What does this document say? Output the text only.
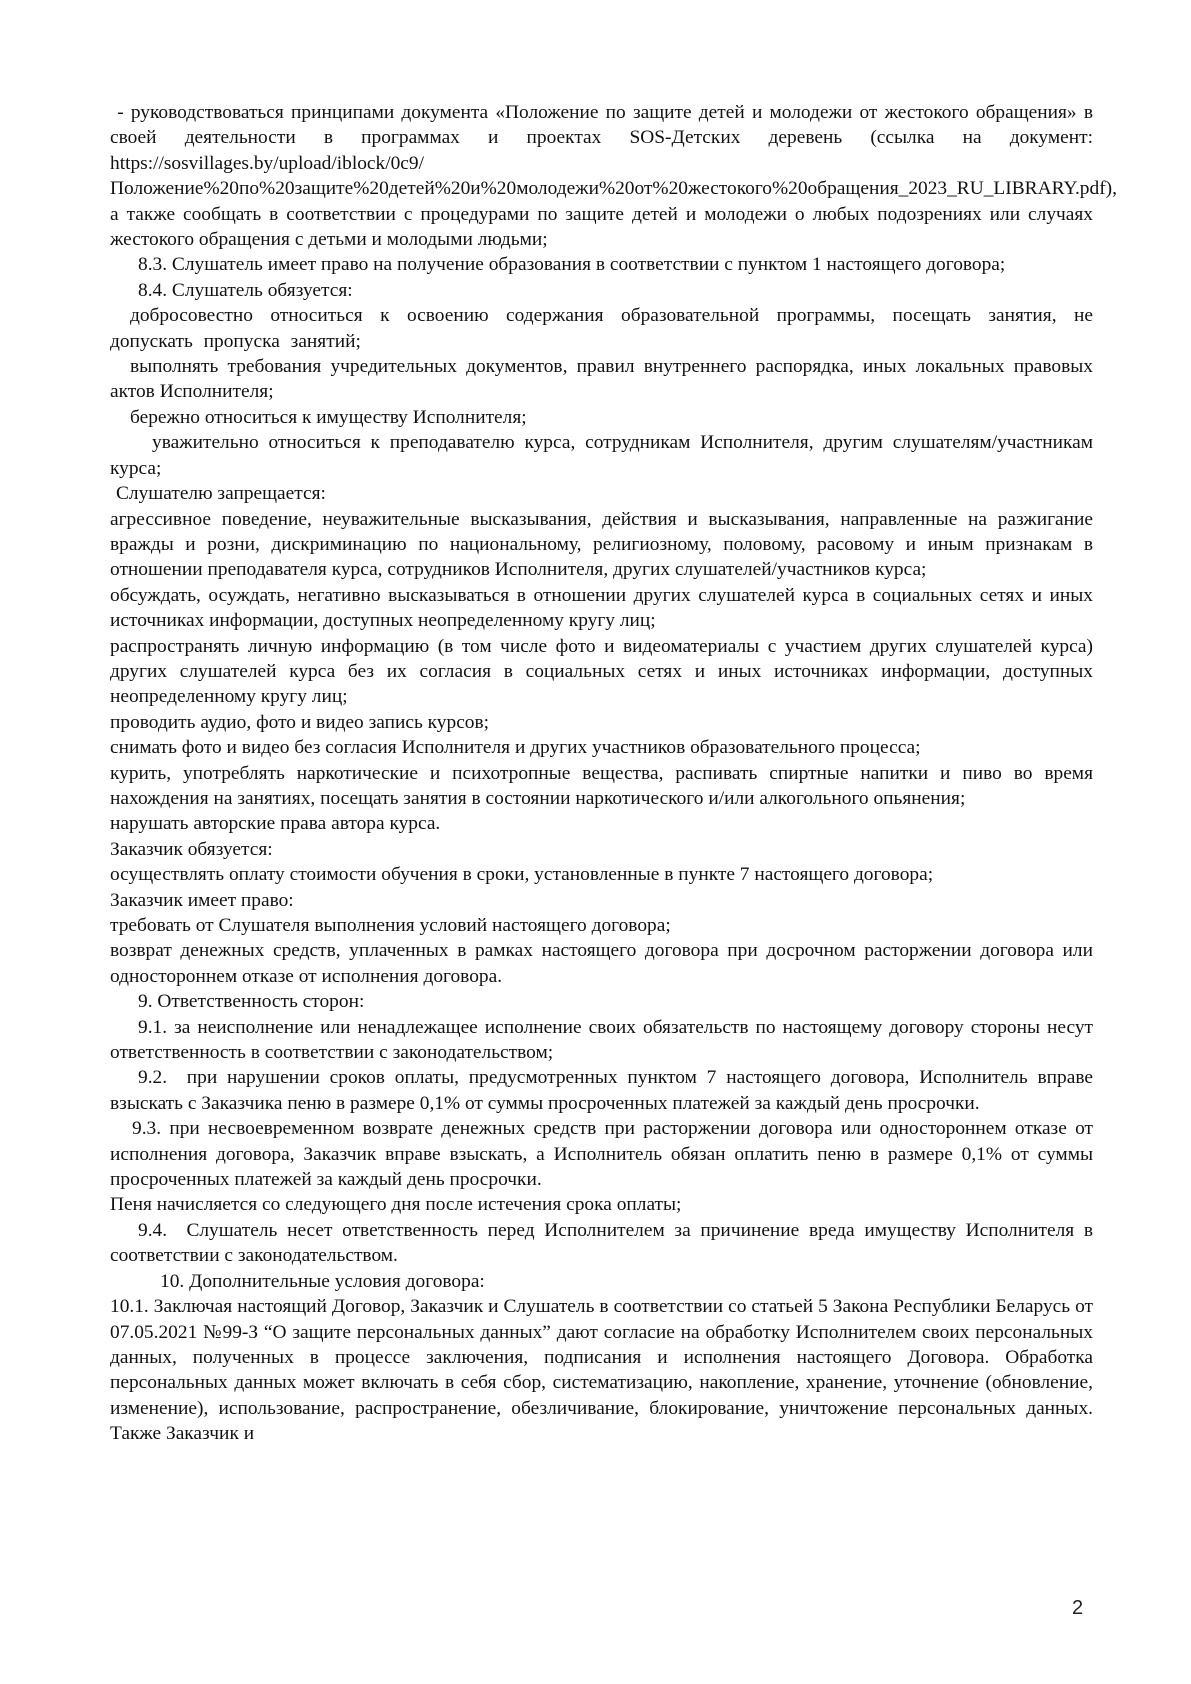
- руководствоваться принципами документа «Положение по защите детей и молодежи от жестокого обращения» в своей деятельности в программах и проектах SOS-Детских деревень (ссылка на документ: https://sosvillages.by/upload/iblock/0c9/Положение%20по%20защите%20детей%20и%20молодежи%20от%20жестокого%20обращения_2023_RU_LIBRARY.pdf), а также сообщать в соответствии с процедурами по защите детей и молодежи о любых подозрениях или случаях жестокого обращения с детьми и молодыми людьми;

8.3. Слушатель имеет право на получение образования в соответствии с пунктом 1 настоящего договора;

8.4. Слушатель обязуется:

добросовестно относиться к освоению содержания образовательной программы, посещать занятия, не допускать пропуска занятий;

выполнять требования учредительных документов, правил внутреннего распорядка, иных локальных правовых актов Исполнителя;

бережно относиться к имуществу Исполнителя;

уважительно относиться к преподавателю курса, сотрудникам Исполнителя, другим слушателям/участникам курса;

Слушателю запрещается:

агрессивное поведение, неуважительные высказывания, действия и высказывания, направленные на разжигание вражды и розни, дискриминацию по национальному, религиозному, половому, расовому и иным признакам в отношении преподавателя курса, сотрудников Исполнителя, других слушателей/участников курса;

обсуждать, осуждать, негативно высказываться в отношении других слушателей курса в социальных сетях и иных источниках информации, доступных неопределенному кругу лиц;

распространять личную информацию (в том числе фото и видеоматериалы с участием других слушателей курса) других слушателей курса без их согласия в социальных сетях и иных источниках информации, доступных неопределенному кругу лиц;

проводить аудио, фото и видео запись курсов;

снимать фото и видео без согласия Исполнителя и других участников образовательного процесса;

курить, употреблять наркотические и психотропные вещества, распивать спиртные напитки и пиво во время нахождения на занятиях, посещать занятия в состоянии наркотического и/или алкогольного опьянения;

нарушать авторские права автора курса.

Заказчик обязуется:

осуществлять оплату стоимости обучения в сроки, установленные в пункте 7 настоящего договора;

Заказчик имеет право:

требовать от Слушателя выполнения условий настоящего договора;

возврат денежных средств, уплаченных в рамках настоящего договора при досрочном расторжении договора или одностороннем отказе от исполнения договора.

9. Ответственность сторон:

9.1. за неисполнение или ненадлежащее исполнение своих обязательств по настоящему договору стороны несут ответственность в соответствии с законодательством;

9.2.  при нарушении сроков оплаты, предусмотренных пунктом 7 настоящего договора, Исполнитель вправе взыскать с Заказчика пеню в размере 0,1% от суммы просроченных платежей за каждый день просрочки.

9.3. при несвоевременном возврате денежных средств при расторжении договора или одностороннем отказе от исполнения договора, Заказчик вправе взыскать, а Исполнитель обязан оплатить пеню в размере 0,1% от суммы просроченных платежей за каждый день просрочки.

Пеня начисляется со следующего дня после истечения срока оплаты;

9.4.  Слушатель несет ответственность перед Исполнителем за причинение вреда имуществу Исполнителя в соответствии с законодательством.

10. Дополнительные условия договора:

10.1. Заключая настоящий Договор, Заказчик и Слушатель в соответствии со статьей 5 Закона Республики Беларусь от 07.05.2021 №99-З “О защите персональных данных” дают согласие на обработку Исполнителем своих персональных данных, полученных в процессе заключения, подписания и исполнения настоящего Договора. Обработка персональных данных может включать в себя сбор, систематизацию, накопление, хранение, уточнение (обновление, изменение), использование, распространение, обезличивание, блокирование, уничтожение персональных данных. Также Заказчик и

2
